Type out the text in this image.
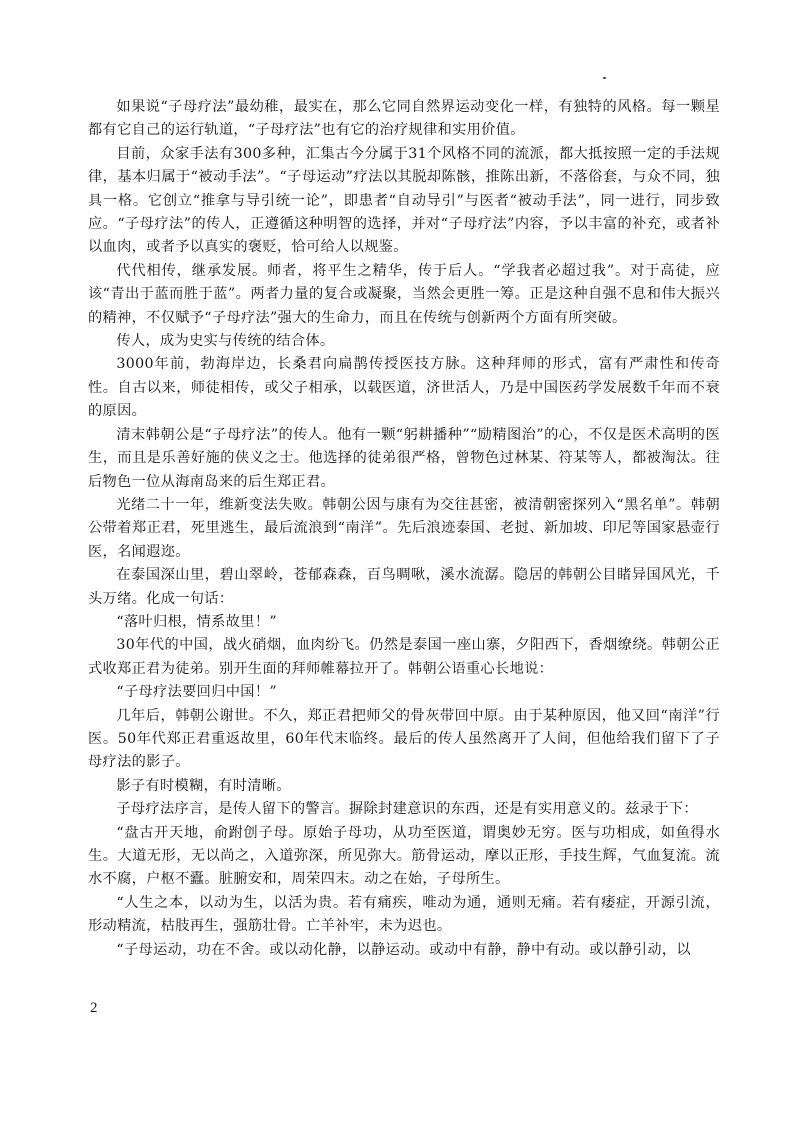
如果说“子母疗法”最幼稚，最实在，那么它同自然界运动变化一样，有独特的风格。每一颗星都有它自己的运行轨道，“子母疗法”也有它的治疗规律和实用价值。

目前，众家手法有300多种，汇集古今分属于31个风格不同的流派，都大抵按照一定的手法规律，基本归属于“被动手法”。“子母运动”疗法以其脱却陈骸，推陈出新，不落俗套，与众不同，独具一格。它创立“推拿与导引统一论”，即患者“自动导引”与医者“被动手法”，同一进行，同步致应。“子母疗法”的传人，正遵循这种明智的选择，并对“子母疗法”内容，予以丰富的补充，或者补以血肉，或者予以真实的褒贬，恰可给人以规鉴。

代代相传，继承发展。师者，将平生之精华，传于后人。“学我者必超过我”。对于高徒，应该“青出于蓝而胜于蓝”。两者力量的复合或凝聚，当然会更胜一筹。正是这种自强不息和伟大振兴的精神，不仅赋予“子母疗法”强大的生命力，而且在传统与创新两个方面有所突破。

传人，成为史实与传统的结合体。

3000年前，勃海岸边，长桑君向扁鹊传授医技方脉。这种拜师的形式，富有严肃性和传奇性。自古以来，师徒相传，或父子相承，以载医道，济世活人，乃是中国医药学发展数千年而不衰的原因。

清末韩朝公是“子母疗法”的传人。他有一颗“躬耕播种”“励精图治”的心，不仅是医术高明的医生，而且是乐善好施的侠义之士。他选择的徒弟很严格，曾物色过林某、符某等人，都被淘汰。往后物色一位从海南岛来的后生郑正君。

光绪二十一年，维新变法失败。韩朝公因与康有为交往甚密，被清朝密探列入“黑名单”。韩朝公带着郑正君，死里逃生，最后流浪到“南洋”。先后浪迹泰国、老挝、新加坡、印尼等国家悬壶行医，名闻遐迩。

在泰国深山里，碧山翠岭，苍郁森森，百鸟啁啾，溪水流潺。隐居的韩朝公目睹异国风光，千头万绪。化成一句话：

“落叶归根，情系故里！”

30年代的中国，战火硝烟，血肉纷飞。仍然是泰国一座山寨，夕阳西下，香烟缭绕。韩朝公正式收郑正君为徒弟。别开生面的拜师帷幕拉开了。韩朝公语重心长地说：

“子母疗法要回归中国！”

几年后，韩朝公谢世。不久，郑正君把师父的骨灰带回中原。由于某种原因，他又回“南洋”行医。50年代郑正君重返故里，60年代末临终。最后的传人虽然离开了人间，但他给我们留下了子母疗法的影子。

影子有时模糊，有时清晰。

子母疗法序言，是传人留下的警言。摒除封建意识的东西，还是有实用意义的。兹录于下：

“盘古开天地，俞跗创子母。原始子母功，从功至医道，谓奥妙无穷。医与功相成，如鱼得水生。大道无形，无以尚之，入道弥深，所见弥大。筋骨运动，摩以正形，手技生辉，气血复流。流水不腐，户枢不蠹。脏腑安和，周荣四末。动之在始，子母所生。

“人生之本，以动为生，以活为贵。若有痛疾，唯动为通，通则无痛。若有痿症，开源引流，形动精流，枯肢再生，强筋壮骨。亡羊补牢，未为迟也。

“子母运动，功在不舍。或以动化静，以静运动。或动中有静，静中有动。或以静引动，以

2
